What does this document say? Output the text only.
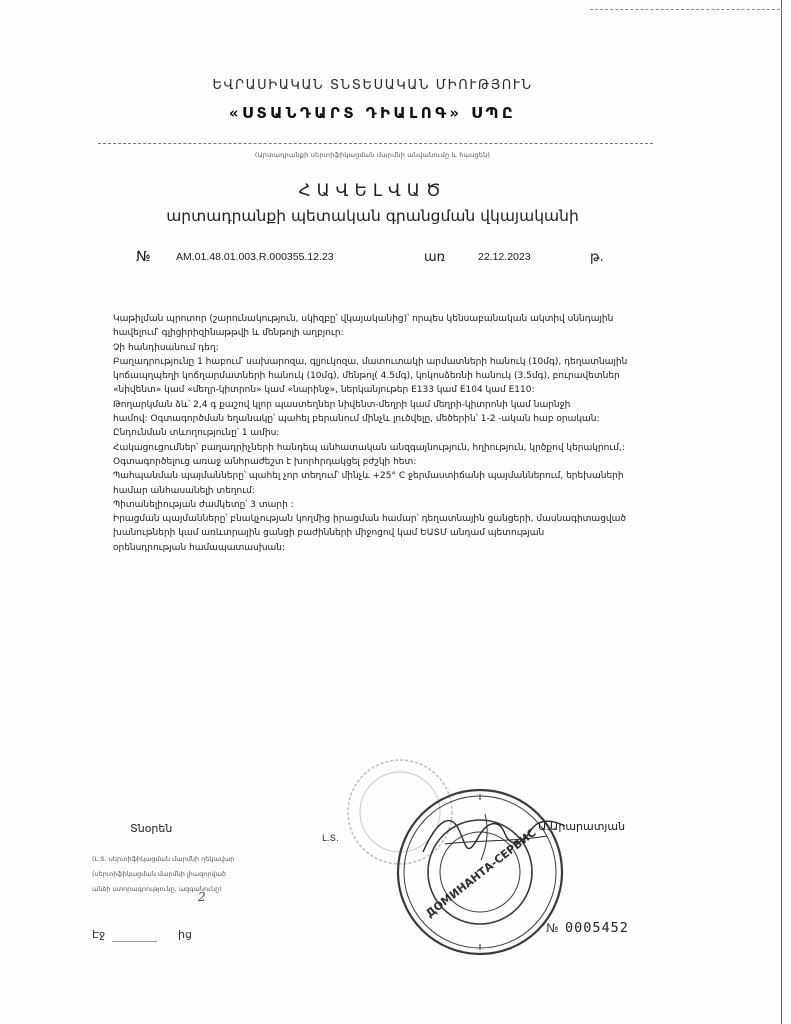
ԵՎՐԱՍԻԱԿԱՆ ՏՆՏԵՍԱԿԱՆ ՄԻՈՒԹՅՈՒՆ
«ՍՏԱՆԴԱՐՏ ԴԻԱԼՈԳ» ՍՊԸ
(Արտադրանքի սերտիֆիկացման մարմնի անվանումը և հասցեն)
ՀԱՎԵԼՎԱԾ
արտադրանքի պետական գրանցման վկայականի
№ AM.01.48.01.003.R.000355.12.23	առ	22.12.2023	թ.
Կաթիլման պրոտոր (շարունակություն, սկիզբը՝ վկայականից)՝ որպես կենսաբանական ակտիվ սննդային
հավելում՝ գլիցիրիզինաթթվի և մենթոլի աղբյուր:
Չի հանդիսանում դեղ:
Բաղադրությունը 1 հաբում՝ սախարոզա, գլյուկոզա, մատուտակի արմատների հանուկ (10մգ), դեղատնային
կոճապղպեղի կոճղարմատների հանուկ (10մգ), մենթոլ( 4.5մգ), կոկոսձեռնի հանուկ (3.5մգ), բուրավետներ
«նիվենտ» կամ «մեղր-կիտրոն» կամ «նարինջ», ներկանյութեր E133 կամ E104 կամ E110:
Թողարկման ձև՝ 2,4 գ քաշով կլոր պաստեղներ նիվենտ-մեղրի կամ մեղրի-կիտրոնի կամ նարնջի
համով: Օգտագործման եղանակը՝ պահել բերանում մինչև լուծվելը, մեծերին՝ 1-2 -ական հաբ օրական:
Ընդունման տևողությունը՝ 1 ամիս:
Հակացուցումներ՝ բաղադրիչների հանդեպ անհատական անզգայնություն, հղիություն, կրծքով կերակրում,:
Օգտագործելուց առաջ անհրաժեշտ է խորհրդակցել բժշկի հետ:
Պահպանման պայմանները՝ պահել չոր տեղում՝ մինչև +25° C ջերմաստիճանի պայմաններում, երեխաների
համար անհասանելի տեղում:
Պիտանելիության ժամկետը՝ 3 տարի :
Իրացման պայմանները՝ բնակչության կողմից իրացման համար՝ դեղատնային ցանցերի, մասնագիտացված
խանութների կամ առևտրային ցանցի բաժինների միջոցով կամ ԵԱՏՄ անդամ պետության
օրենսդրության համապատասխան:
Տնօրեն
Լ.Տ.
Ա.Արարատյան
(Լ.Տ. սերտիֆիկացման մարմնի ղեկավար
(սերտիֆիկացման մարմնի լիազորված
անձի ստորագրությունը, ազգանունը)
2	ДОМИНАНТА-СЕРВИС
Էջ	ից	№ 0005452
